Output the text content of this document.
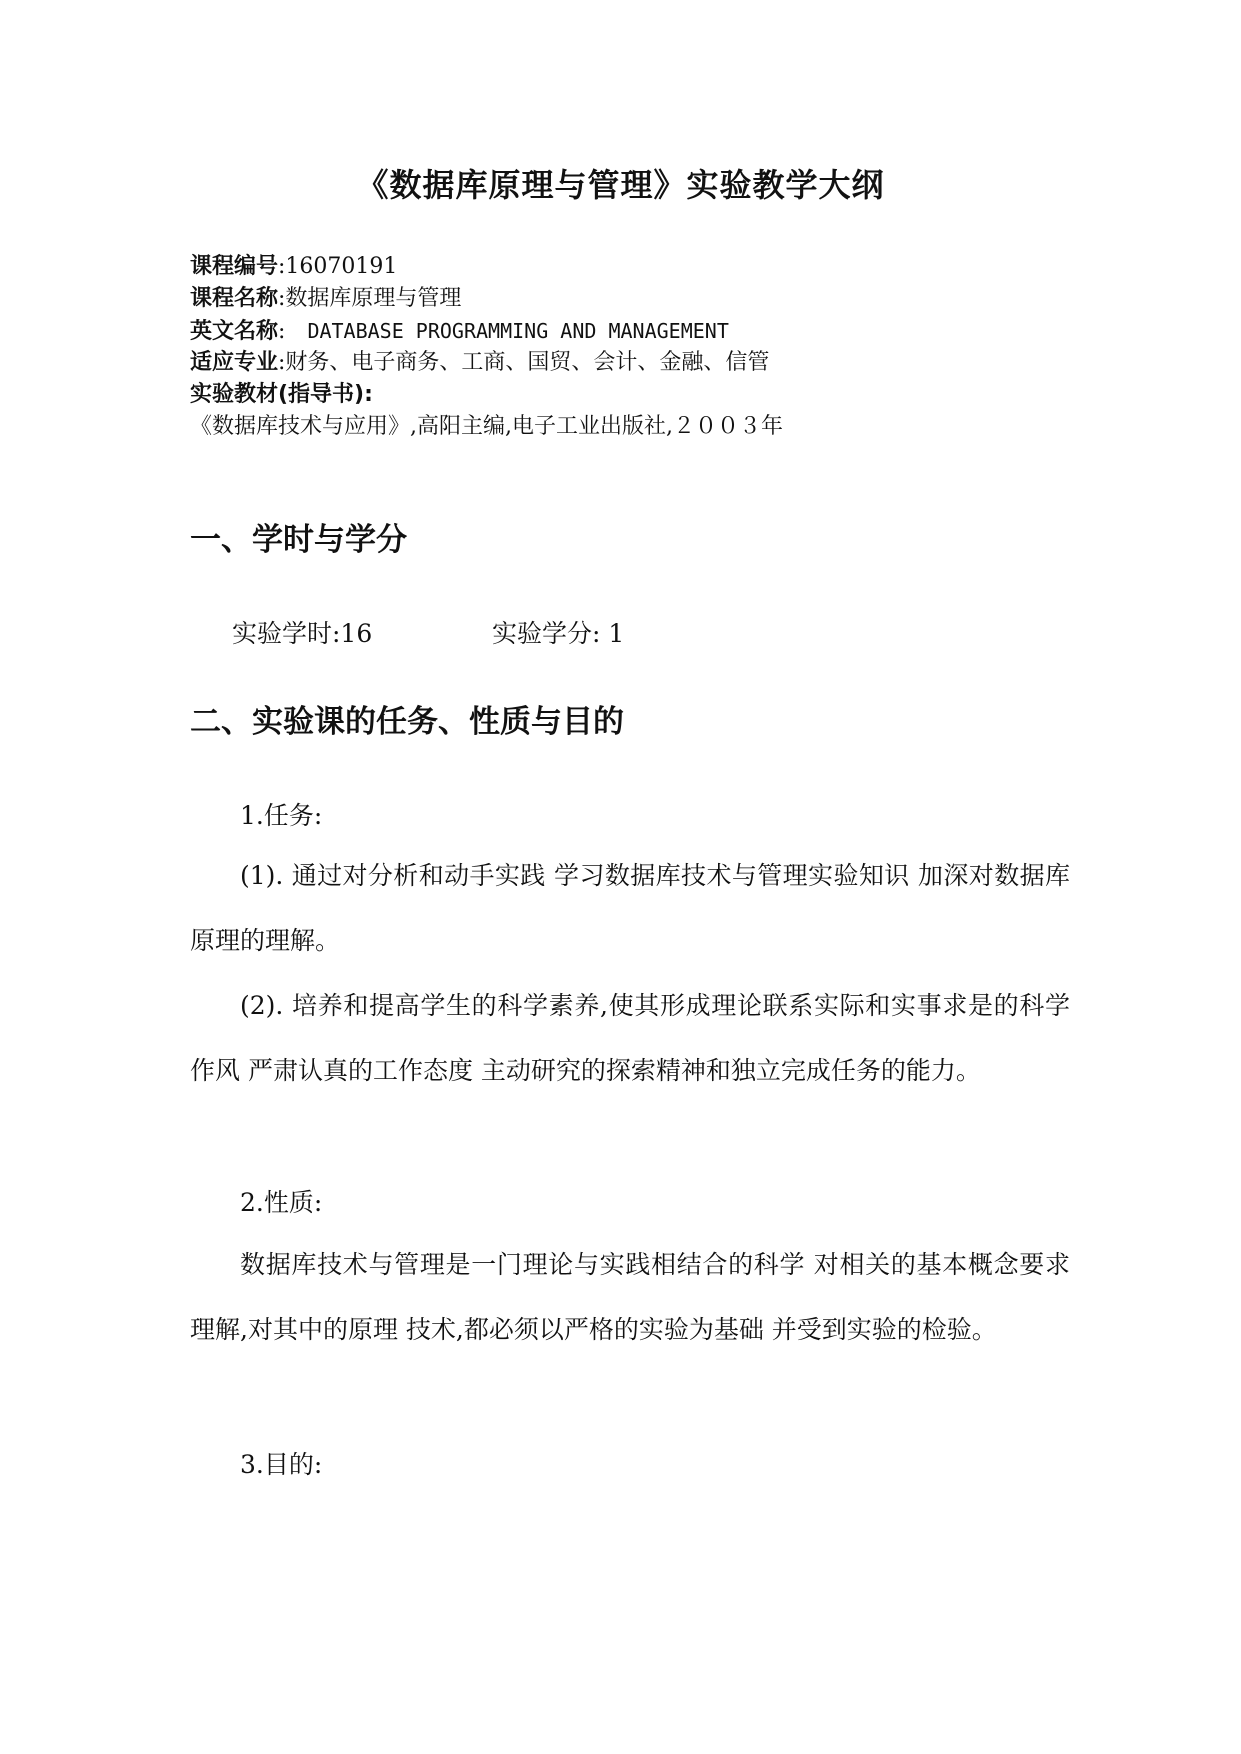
《数据库原理与管理》实验教学大纲
课程编号:16070191
课程名称:数据库原理与管理
英文名称: DATABASE PROGRAMMING AND MANAGEMENT
适应专业:财务、电子商务、工商、国贸、会计、金融、信管
实验教材(指导书):
《数据库技术与应用》,高阳主编,电子工业出版社,２００３年
一、学时与学分
实验学时:16	实验学分: 1
二、实验课的任务、性质与目的
1.任务:
(1). 通过对分析和动手实践 学习数据库技术与管理实验知识 加深对数据库原理的理解。
(2). 培养和提高学生的科学素养,使其形成理论联系实际和实事求是的科学作风 严肃认真的工作态度 主动研究的探索精神和独立完成任务的能力。
2.性质:
数据库技术与管理是一门理论与实践相结合的科学 对相关的基本概念要求理解,对其中的原理 技术,都必须以严格的实验为基础 并受到实验的检验。
3.目的:
